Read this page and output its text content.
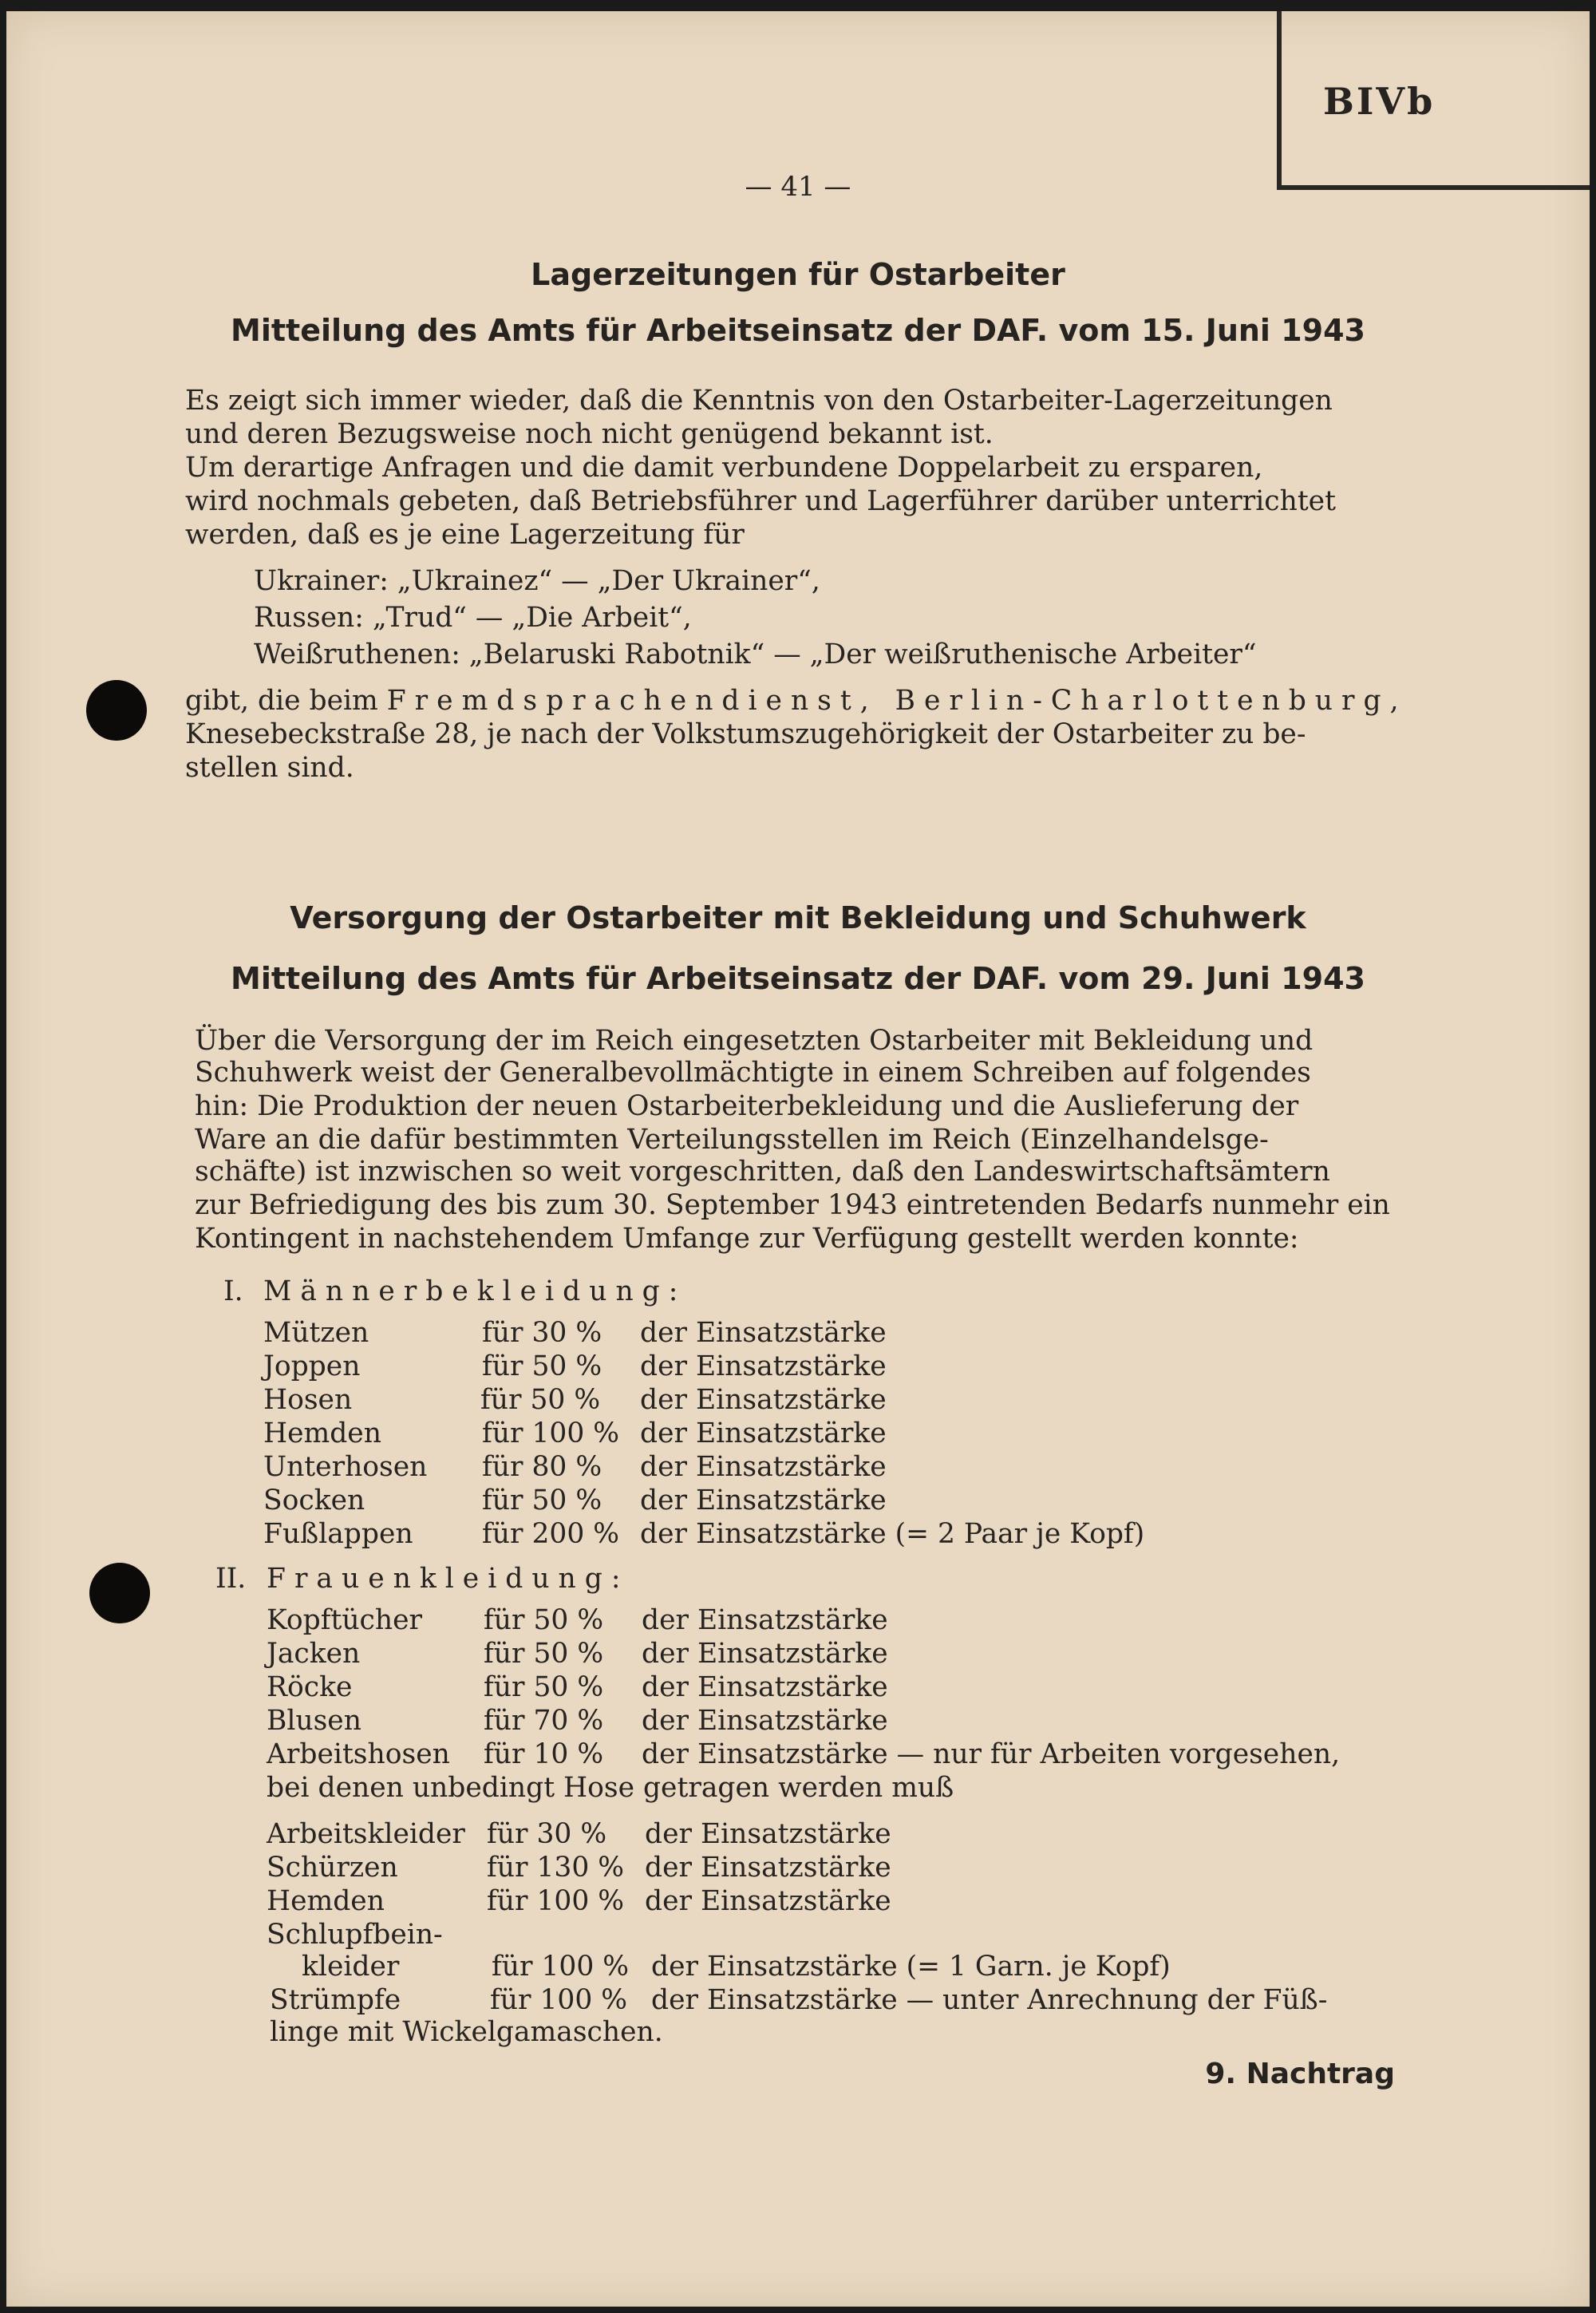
BIVb
— 41 —
Lagerzeitungen für Ostarbeiter
Mitteilung des Amts für Arbeitseinsatz der DAF. vom 15. Juni 1943
Es zeigt sich immer wieder, daß die Kenntnis von den Ostarbeiter-Lagerzeitungen
und deren Bezugsweise noch nicht genügend bekannt ist.
Um derartige Anfragen und die damit verbundene Doppelarbeit zu ersparen,
wird nochmals gebeten, daß Betriebsführer und Lagerführer darüber unterrichtet
werden, daß es je eine Lagerzeitung für
Ukrainer: „Ukrainez“ — „Der Ukrainer“,
Russen: „Trud“ — „Die Arbeit“,
Weißruthenen: „Belaruski Rabotnik“ — „Der weißruthenische Arbeiter“
gibt, die beim Fremdsprachendienst, Berlin-Charlottenburg,
Knesebeckstraße 28, je nach der Volkstumszugehörigkeit der Ostarbeiter zu be-
stellen sind.
Versorgung der Ostarbeiter mit Bekleidung und Schuhwerk
Mitteilung des Amts für Arbeitseinsatz der DAF. vom 29. Juni 1943
Über die Versorgung der im Reich eingesetzten Ostarbeiter mit Bekleidung und
Schuhwerk weist der Generalbevollmächtigte in einem Schreiben auf folgendes
hin: Die Produktion der neuen Ostarbeiterbekleidung und die Auslieferung der
Ware an die dafür bestimmten Verteilungsstellen im Reich (Einzelhandelsge-
schäfte) ist inzwischen so weit vorgeschritten, daß den Landeswirtschaftsämtern
zur Befriedigung des bis zum 30. September 1943 eintretenden Bedarfs nunmehr ein
Kontingent in nachstehendem Umfange zur Verfügung gestellt werden konnte:
I. Männerbekleidung:
Mützen	für 30 % der Einsatzstärke
Joppen	für 50 % der Einsatzstärke
Hosen	für 50 % der Einsatzstärke
Hemden	für 100 % der Einsatzstärke
Unterhosen für 80 % der Einsatzstärke
Socken	für 50 % der Einsatzstärke
Fußlappen	für 200 % der Einsatzstärke (= 2 Paar je Kopf)
II. Frauenkleidung:
Kopftücher für 50 % der Einsatzstärke
Jacken	für 50 % der Einsatzstärke
Röcke	für 50 % der Einsatzstärke
Blusen	für 70 % der Einsatzstärke
Arbeitshosen für 10 % der Einsatzstärke — nur für Arbeiten vorgesehen,
bei denen unbedingt Hose getragen werden muß
Arbeitskleider für 30 % der Einsatzstärke
Schürzen	für 130 % der Einsatzstärke
Hemden	für 100 % der Einsatzstärke
Schlupfbein-
kleider	für 100 % der Einsatzstärke (= 1 Garn. je Kopf)
Strümpfe	für 100 % der Einsatzstärke — unter Anrechnung der Füß-
linge mit Wickelgamaschen.
9. Nachtrag
